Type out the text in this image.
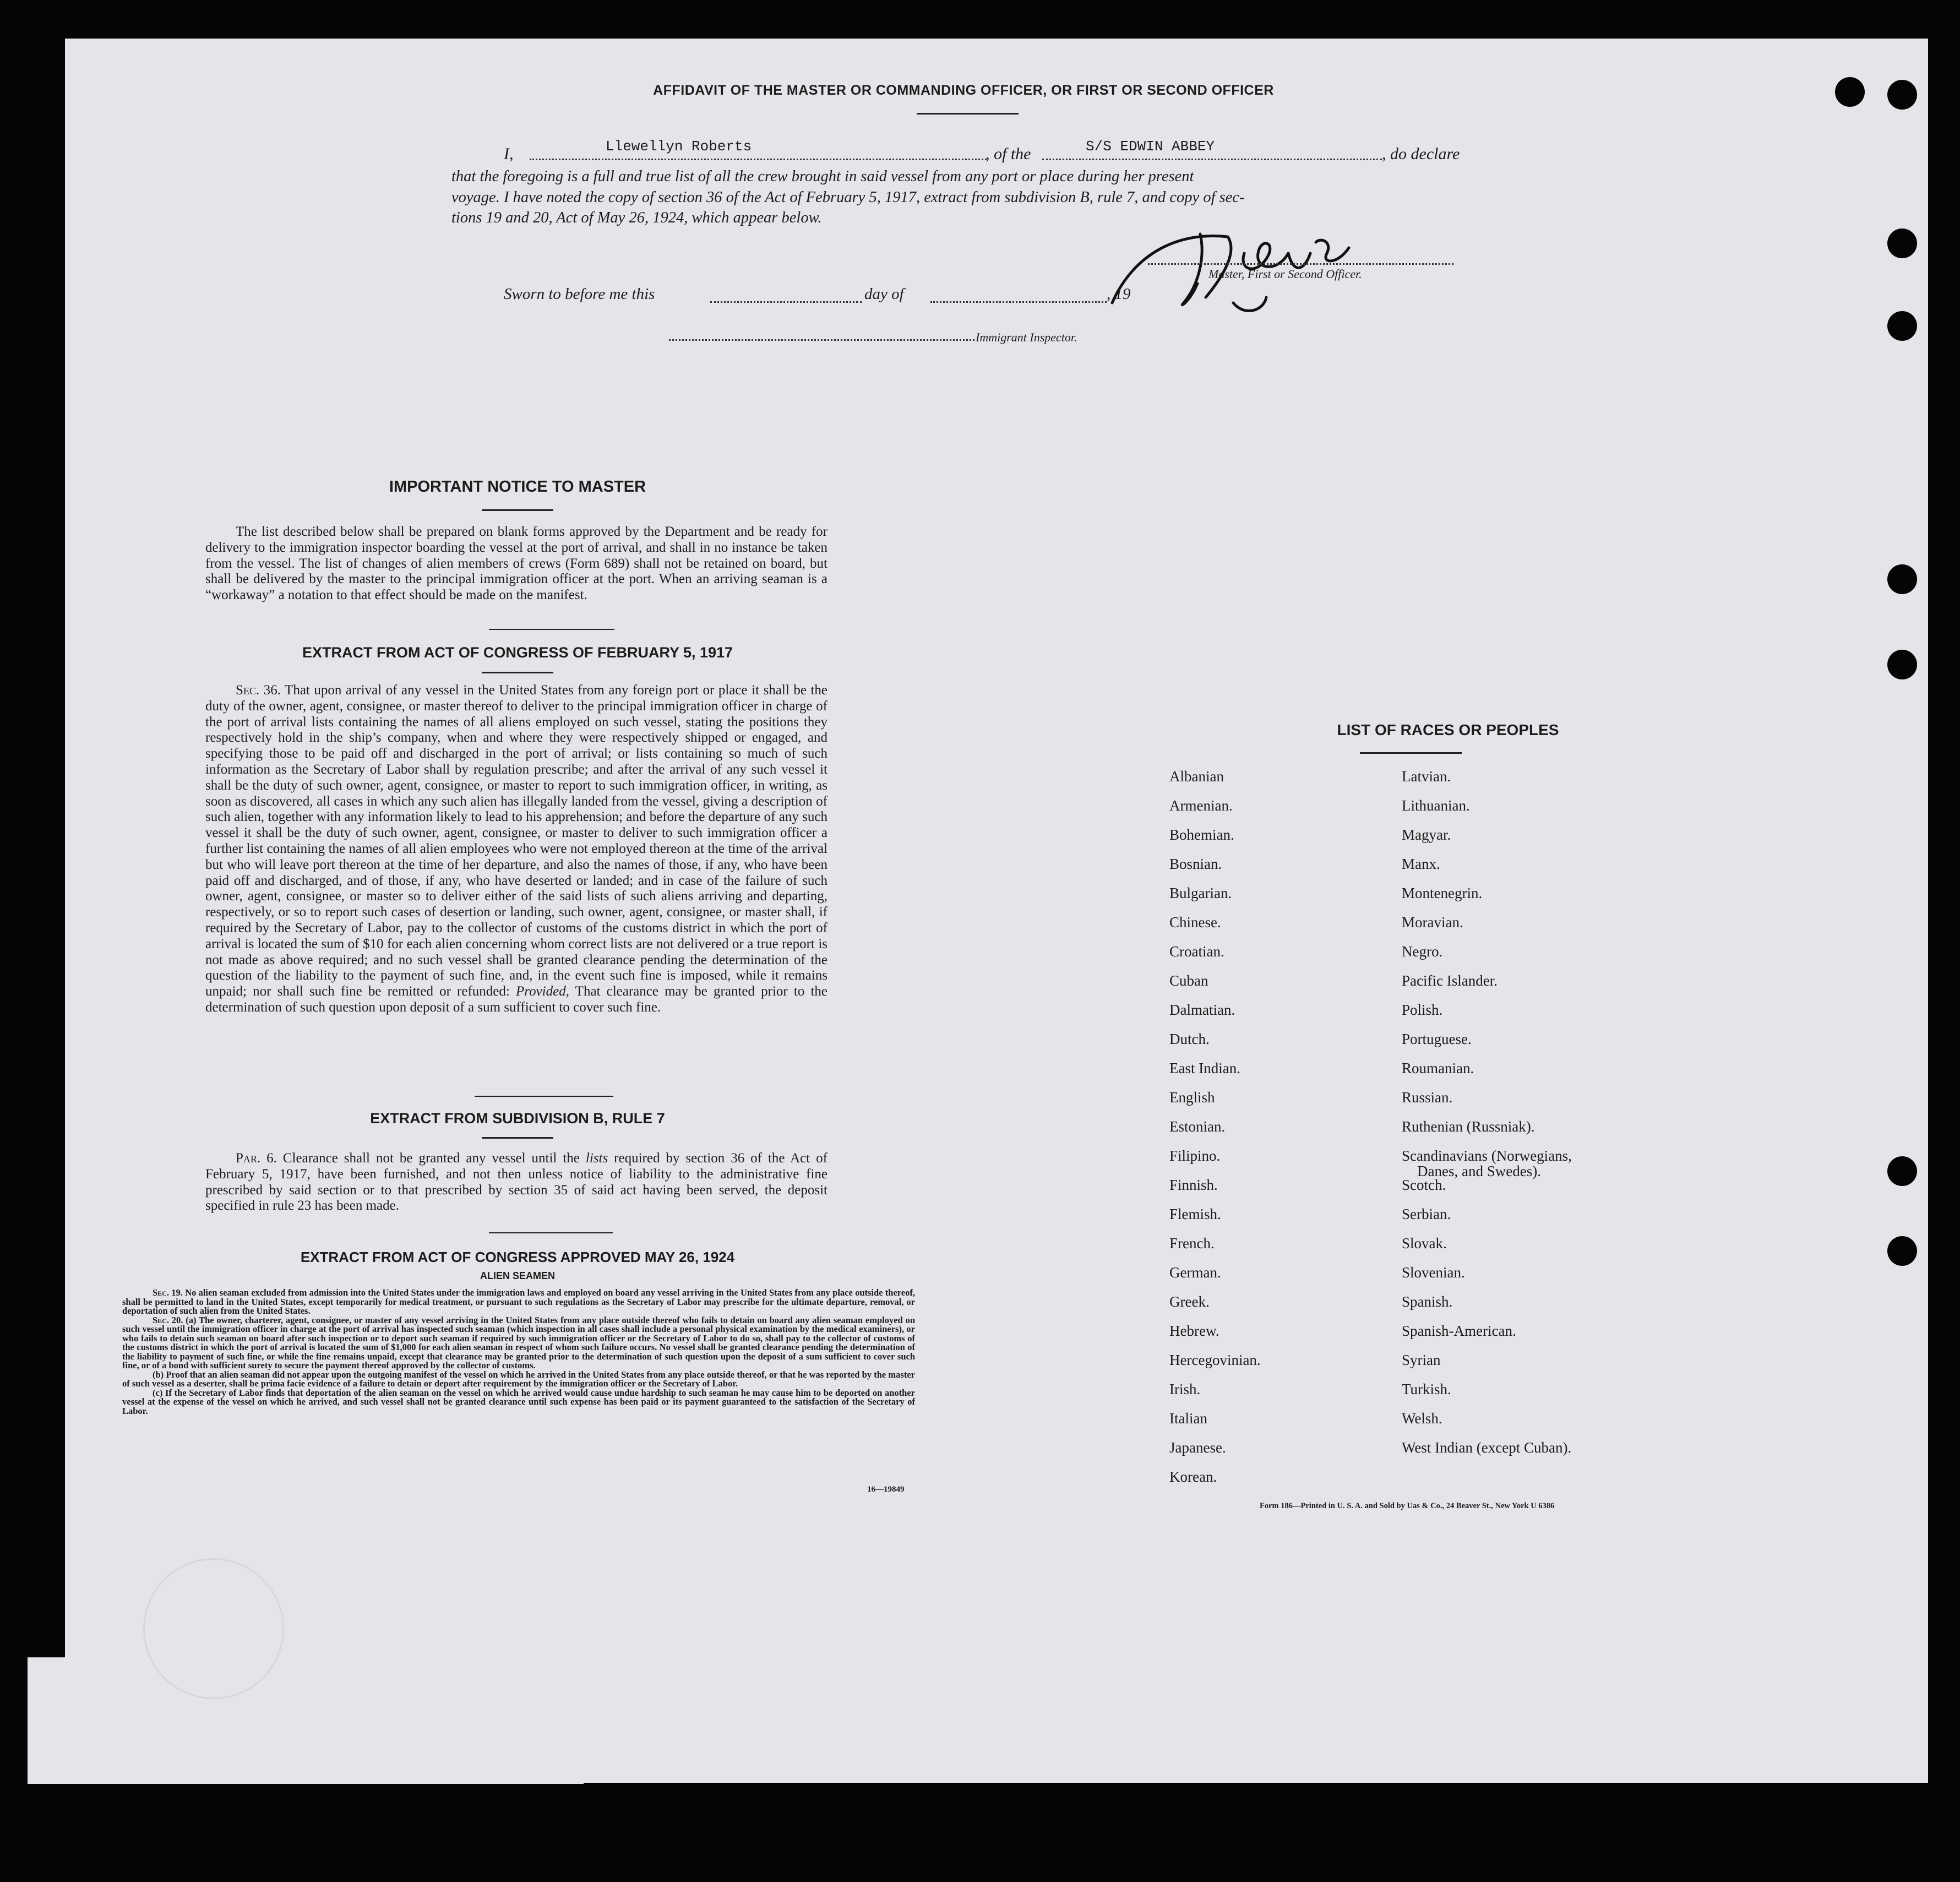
AFFIDAVIT OF THE MASTER OR COMMANDING OFFICER, OR FIRST OR SECOND OFFICER
I,	Llewellyn Roberts	, of the	S/S EDWIN ABBEY	, do declare
that the foregoing is a full and true list of all the crew brought in said vessel from any port or place during her present
voyage. I have noted the copy of section 36 of the Act of February 5, 1917, extract from subdivision B, rule 7, and copy of sec-
tions 19 and 20, Act of May 26, 1924, which appear below.
Master, First or Second Officer.
Sworn to before me this	day of	, 19
Immigrant Inspector.
IMPORTANT NOTICE TO MASTER

The list described below shall be prepared on blank forms approved by the Department and be ready for delivery to the immigration inspector boarding the vessel at the port of arrival, and shall in no instance be taken from the vessel. The list of changes of alien members of crews (Form 689) shall not be retained on board, but shall be delivered by the master to the principal immigration officer at the port. When an arriving seaman is a “workaway” a notation to that effect should be made on the manifest.

EXTRACT FROM ACT OF CONGRESS OF FEBRUARY 5, 1917

Sec. 36. That upon arrival of any vessel in the United States from any foreign port or place it shall be the duty of the owner, agent, consignee, or master thereof to deliver to the principal immigration officer in charge of the port of arrival lists containing the names of all aliens employed on such vessel, stating the positions they respectively hold in the ship’s company, when and where they were respectively shipped or engaged, and specifying those to be paid off and discharged in the port of arrival; or lists containing so much of such information as the Secretary of Labor shall by regulation prescribe; and after the arrival of any such vessel it shall be the duty of such owner, agent, consignee, or master to report to such immigration officer, in writing, as soon as discovered, all cases in which any such alien has illegally landed from the vessel, giving a description of such alien, together with any information likely to lead to his apprehension; and before the departure of any such vessel it shall be the duty of such owner, agent, consignee, or master to deliver to such immigration officer a further list containing the names of all alien employees who were not employed thereon at the time of the arrival but who will leave port thereon at the time of her departure, and also the names of those, if any, who have been paid off and discharged, and of those, if any, who have deserted or landed; and in case of the failure of such owner, agent, consignee, or master so to deliver either of the said lists of such aliens arriving and departing, respectively, or so to report such cases of desertion or landing, such owner, agent, consignee, or master shall, if required by the Secretary of Labor, pay to the collector of customs of the customs district in which the port of arrival is located the sum of $10 for each alien concerning whom correct lists are not delivered or a true report is not made as above required; and no such vessel shall be granted clearance pending the determination of the question of the liability to the payment of such fine, and, in the event such fine is imposed, while it remains unpaid; nor shall such fine be remitted or refunded: Provided, That clearance may be granted prior to the determination of such question upon deposit of a sum sufficient to cover such fine.

EXTRACT FROM SUBDIVISION B, RULE 7

Par. 6. Clearance shall not be granted any vessel until the lists required by section 36 of the Act of February 5, 1917, have been furnished, and not then unless notice of liability to the administrative fine prescribed by said section or to that prescribed by section 35 of said act having been served, the deposit specified in rule 23 has been made.

EXTRACT FROM ACT OF CONGRESS APPROVED MAY 26, 1924
ALIEN SEAMEN

Sec. 19. No alien seaman excluded from admission into the United States under the immigration laws and employed on board any vessel arriving in the United States from any place outside thereof, shall be permitted to land in the United States, except temporarily for medical treatment, or pursuant to such regulations as the Secretary of Labor may prescribe for the ultimate departure, removal, or deportation of such alien from the United States.

Sec. 20. (a) The owner, charterer, agent, consignee, or master of any vessel arriving in the United States from any place outside thereof who fails to detain on board any alien seaman employed on such vessel until the immigration officer in charge at the port of arrival has inspected such seaman (which inspection in all cases shall include a personal physical examination by the medical examiners), or who fails to detain such seaman on board after such inspection or to deport such seaman if required by such immigration officer or the Secretary of Labor to do so, shall pay to the collector of customs of the customs district in which the port of arrival is located the sum of $1,000 for each alien seaman in respect of whom such failure occurs. No vessel shall be granted clearance pending the determination of the liability to payment of such fine, or while the fine remains unpaid, except that clearance may be granted prior to the determination of such question upon the deposit of a sum sufficient to cover such fine, or of a bond with sufficient surety to secure the payment thereof approved by the collector of customs.

(b) Proof that an alien seaman did not appear upon the outgoing manifest of the vessel on which he arrived in the United States from any place outside thereof, or that he was reported by the master of such vessel as a deserter, shall be prima facie evidence of a failure to detain or deport after requirement by the immigration officer or the Secretary of Labor.

(c) If the Secretary of Labor finds that deportation of the alien seaman on the vessel on which he arrived would cause undue hardship to such seaman he may cause him to be deported on another vessel at the expense of the vessel on which he arrived, and such vessel shall not be granted clearance until such expense has been paid or its payment guaranteed to the satisfaction of the Secretary of Labor.

16—19849
LIST OF RACES OR PEOPLES
Albanian
Armenian.
Bohemian.
Bosnian.
Bulgarian.
Chinese.
Croatian.
Cuban
Dalmatian.
Dutch.
East Indian.
English
Estonian.
Filipino.
Finnish.
Flemish.
French.
German.
Greek.
Hebrew.
Hercegovinian.
Irish.
Italian
Japanese.
Korean.
Latvian.
Lithuanian.
Magyar.
Manx.
Montenegrin.
Moravian.
Negro.
Pacific Islander.
Polish.
Portuguese.
Roumanian.
Russian.
Ruthenian (Russniak).
Scandinavians (Norwegians,
Danes, and Swedes).
Scotch.
Serbian.
Slovak.
Slovenian.
Spanish.
Spanish-American.
Syrian
Turkish.
Welsh.
West Indian (except Cuban).
Form 186—Printed in U. S. A. and Sold by Uas & Co., 24 Beaver St., New York U 6386
